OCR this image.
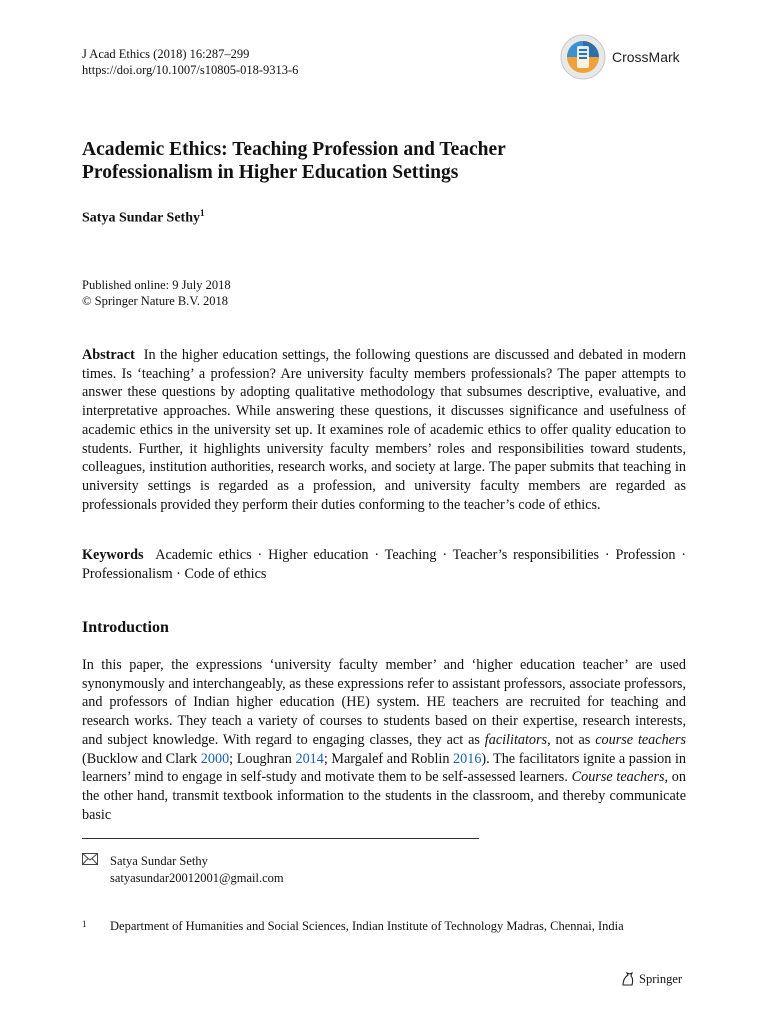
J Acad Ethics (2018) 16:287–299
https://doi.org/10.1007/s10805-018-9313-6
CrossMark
Academic Ethics: Teaching Profession and Teacher
Professionalism in Higher Education Settings
Satya Sundar Sethy$^1$
Published online: 9 July 2018
© Springer Nature B.V. 2018
Abstract In the higher education settings, the following questions are discussed and debated in modern times. Is ‘teaching’ a profession? Are university faculty members professionals? The paper attempts to answer these questions by adopting qualitative methodology that subsumes descriptive, evaluative, and interpretative approaches. While answering these questions, it discusses significance and usefulness of academic ethics in the university set up. It examines role of academic ethics to offer quality education to students. Further, it highlights university faculty members’ roles and responsibilities toward students, colleagues, institution authorities, research works, and society at large. The paper submits that teaching in university settings is regarded as a profession, and university faculty members are regarded as professionals provided they perform their duties conforming to the teacher’s code of ethics.
Keywords Academic ethics · Higher education · Teaching · Teacher’s responsibilities · Profession · Professionalism · Code of ethics
Introduction
In this paper, the expressions ‘university faculty member’ and ‘higher education teacher’ are used synonymously and interchangeably, as these expressions refer to assistant professors, associate professors, and professors of Indian higher education (HE) system. HE teachers are recruited for teaching and research works. They teach a variety of courses to students based on their expertise, research interests, and subject knowledge. With regard to engaging classes, they act as facilitators, not as course teachers (Bucklow and Clark 2000; Loughran 2014; Margalef and Roblin 2016). The facilitators ignite a passion in learners’ mind to engage in self-study and motivate them to be self-assessed learners. Course teachers, on the other hand, transmit textbook information to the students in the classroom, and thereby communicate basic
Satya Sundar Sethy
satyasundar20012001@gmail.com
1	Department of Humanities and Social Sciences, Indian Institute of Technology Madras, Chennai, India
Springer
